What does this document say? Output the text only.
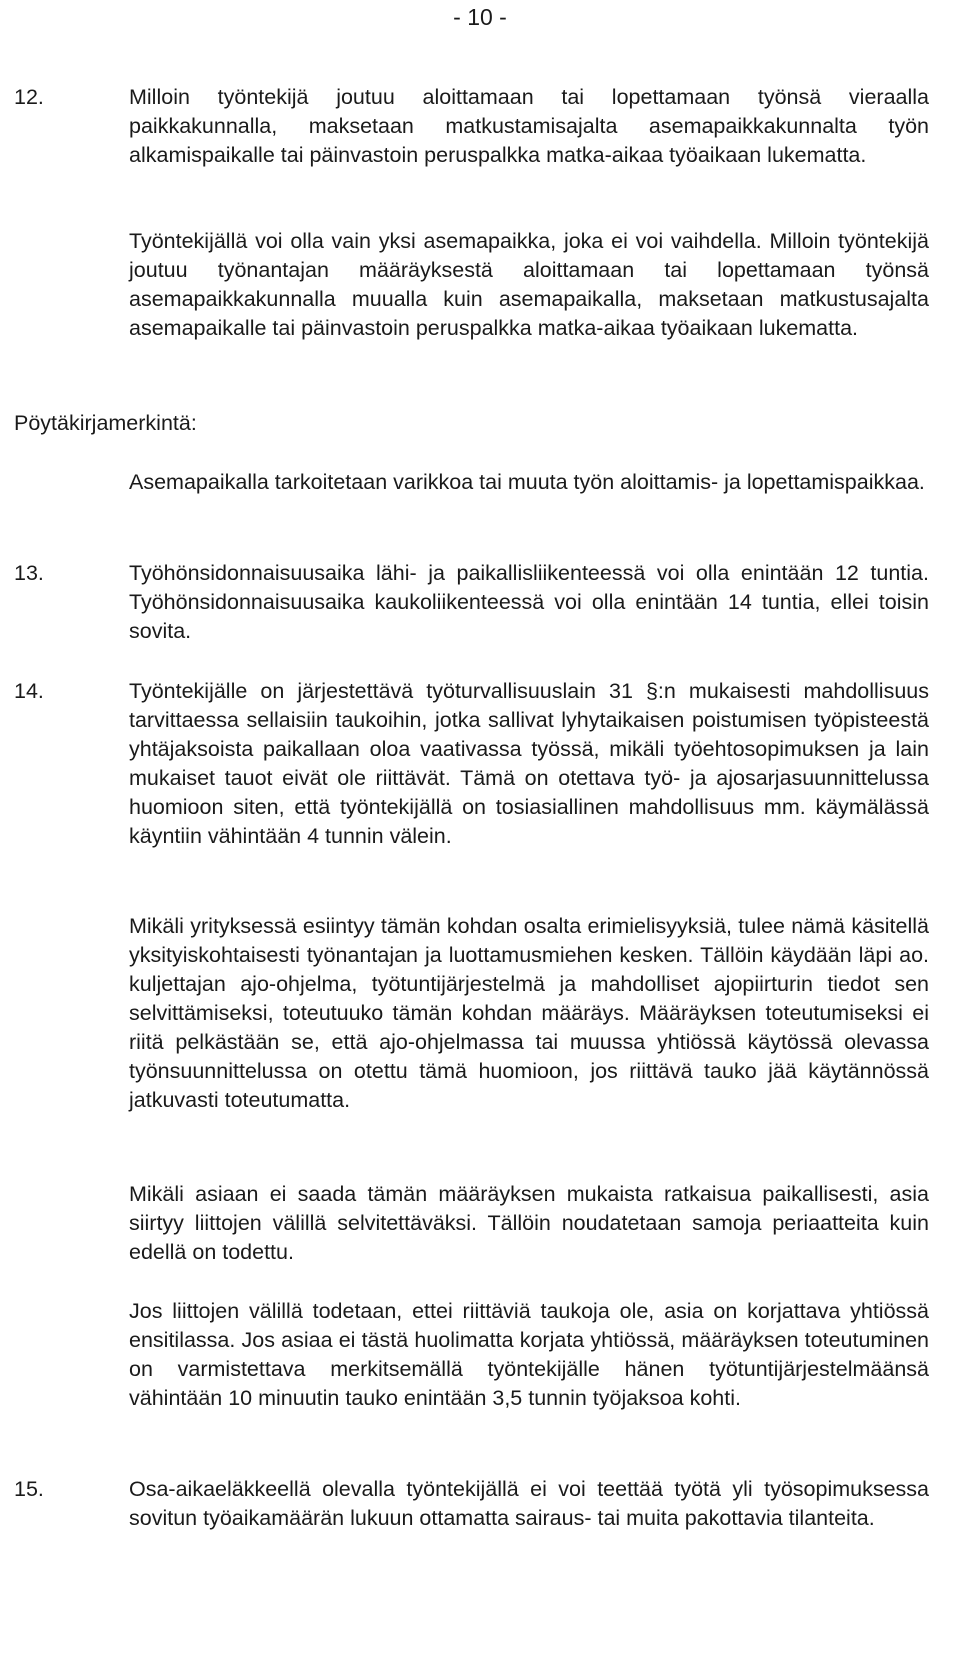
- 10 -
12.	Milloin työntekijä joutuu aloittamaan tai lopettamaan työnsä vieraalla paikkakunnalla, maksetaan matkustamisajalta asemapaikkakunnalta työn alkamispaikalle tai päinvastoin peruspalkka matka-aikaa työaikaan lukematta.

Työntekijällä voi olla vain yksi asemapaikka, joka ei voi vaihdella. Milloin työntekijä joutuu työnantajan määräyksestä aloittamaan tai lopettamaan työnsä asemapaikkakunnalla muualla kuin asemapaikalla, maksetaan matkustusajalta asemapaikalle tai päinvastoin peruspalkka matka-aikaa työaikaan lukematta.

Pöytäkirjamerkintä:

Asemapaikalla tarkoitetaan varikkoa tai muuta työn aloittamis- ja lopettamispaikkaa.

13.	Työhönsidonnaisuusaika lähi- ja paikallisliikenteessä voi olla enintään 12 tuntia. Työhönsidonnaisuusaika kaukoliikenteessä voi olla enintään 14 tuntia, ellei toisin sovita.

14.	Työntekijälle on järjestettävä työturvallisuuslain 31 §:n mukaisesti mahdollisuus tarvittaessa sellaisiin taukoihin, jotka sallivat lyhytaikaisen poistumisen työpisteestä yhtäjaksoista paikallaan oloa vaativassa työssä, mikäli työehtosopimuksen ja lain mukaiset tauot eivät ole riittävät. Tämä on otettava työ- ja ajosarjasuunnittelussa huomioon siten, että työntekijällä on tosiasiallinen mahdollisuus mm. käymälässä käyntiin vähintään 4 tunnin välein.

Mikäli yrityksessä esiintyy tämän kohdan osalta erimielisyyksiä, tulee nämä käsitellä yksityiskohtaisesti työnantajan ja luottamusmiehen kesken. Tällöin käydään läpi ao. kuljettajan ajo-ohjelma, työtuntijärjestelmä ja mahdolliset ajopiirturin tiedot sen selvittämiseksi, toteutuuko tämän kohdan määräys. Määräyksen toteutumiseksi ei riitä pelkästään se, että ajo-ohjelmassa tai muussa yhtiössä käytössä olevassa työnsuunnittelussa on otettu tämä huomioon, jos riittävä tauko jää käytännössä jatkuvasti toteutumatta.

Mikäli asiaan ei saada tämän määräyksen mukaista ratkaisua paikallisesti, asia siirtyy liittojen välillä selvitettäväksi. Tällöin noudatetaan samoja periaatteita kuin edellä on todettu.

Jos liittojen välillä todetaan, ettei riittäviä taukoja ole, asia on korjattava yhtiössä ensitilassa. Jos asiaa ei tästä huolimatta korjata yhtiössä, määräyksen toteutuminen on varmistettava merkitsemällä työntekijälle hänen työtuntijärjestelmäänsä vähintään 10 minuutin tauko enintään 3,5 tunnin työjaksoa kohti.

15.	Osa-aikaeläkkeellä olevalla työntekijällä ei voi teettää työtä yli työsopimuksessa sovitun työaikamäärän lukuun ottamatta sairaus- tai muita pakottavia tilanteita.
